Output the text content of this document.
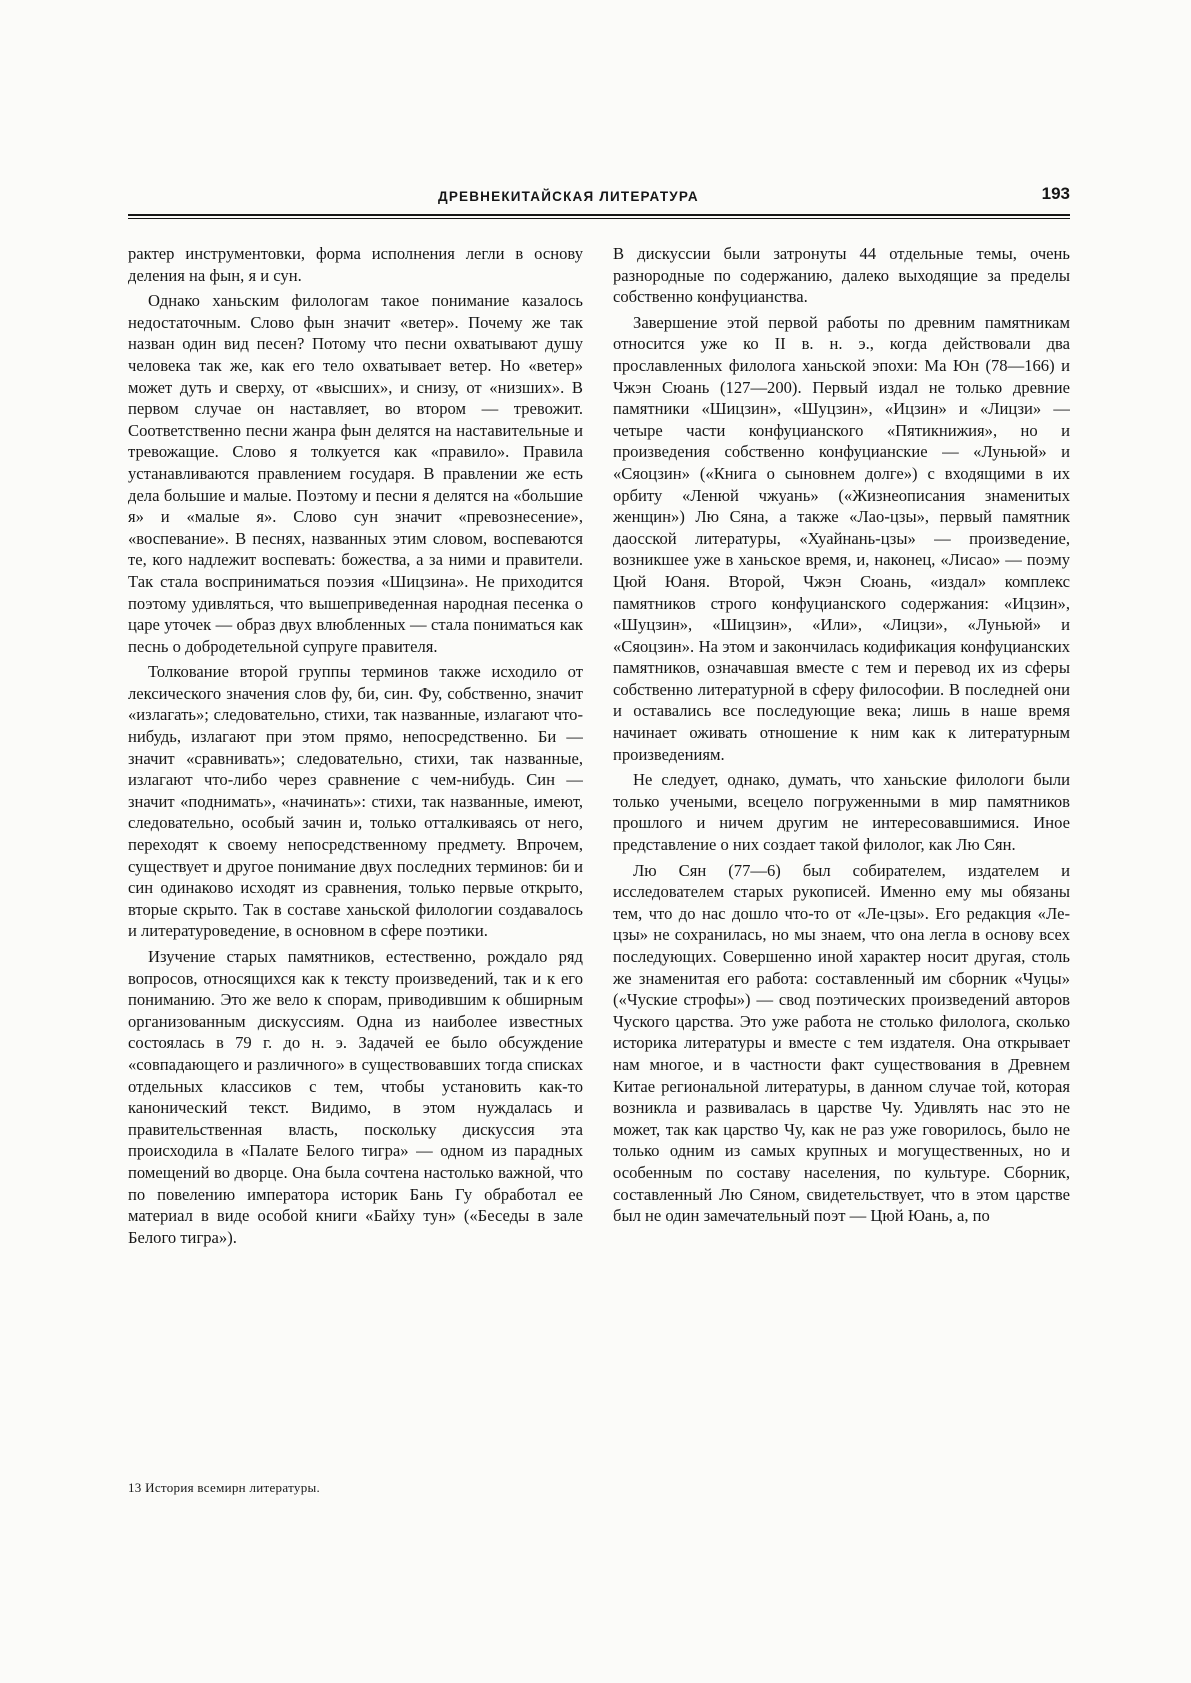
ДРЕВНЕКИТАЙСКАЯ ЛИТЕРАТУРА	193

рактер инструментовки, форма исполнения легли в основу деления на фын, я и сун.

Однако ханьским филологам такое понимание казалось недостаточным. Слово фын значит «ветер». Почему же так назван один вид песен? Потому что песни охватывают душу человека так же, как его тело охватывает ветер. Но «ветер» может дуть и сверху, от «высших», и снизу, от «низших». В первом случае он наставляет, во втором — тревожит. Соответственно песни жанра фын делятся на наставительные и тревожащие. Слово я толкуется как «правило». Правила устанавливаются правлением государя. В правлении же есть дела большие и малые. Поэтому и песни я делятся на «большие я» и «малые я». Слово сун значит «превознесение», «воспевание». В песнях, названных этим словом, воспеваются те, кого надлежит воспевать: божества, а за ними и правители. Так стала восприниматься поэзия «Шицзина». Не приходится поэтому удивляться, что вышеприведенная народная песенка о царе уточек — образ двух влюбленных — стала пониматься как песнь о добродетельной супруге правителя.

Толкование второй группы терминов также исходило от лексического значения слов фу, би, син. Фу, собственно, значит «излагать»; следовательно, стихи, так названные, излагают что-нибудь, излагают при этом прямо, непосредственно. Би — значит «сравнивать»; следовательно, стихи, так названные, излагают что-либо через сравнение с чем-нибудь. Син — значит «поднимать», «начинать»: стихи, так названные, имеют, следовательно, особый зачин и, только отталкиваясь от него, переходят к своему непосредственному предмету. Впрочем, существует и другое понимание двух последних терминов: би и син одинаково исходят из сравнения, только первые открыто, вторые скрыто. Так в составе ханьской филологии создавалось и литературоведение, в основном в сфере поэтики.

Изучение старых памятников, естественно, рождало ряд вопросов, относящихся как к тексту произведений, так и к его пониманию. Это же вело к спорам, приводившим к обширным организованным дискуссиям. Одна из наиболее известных состоялась в 79 г. до н. э. Задачей ее было обсуждение «совпадающего и различного» в существовавших тогда списках отдельных классиков с тем, чтобы установить как-то канонический текст. Видимо, в этом нуждалась и правительственная власть, поскольку дискуссия эта происходила в «Палате Белого тигра» — одном из парадных помещений во дворце. Она была сочтена настолько важной, что по повелению императора историк Бань Гу обработал ее материал в виде особой книги «Байху тун» («Беседы в зале Белого тигра»).

В дискуссии были затронуты 44 отдельные темы, очень разнородные по содержанию, далеко выходящие за пределы собственно конфуцианства.

Завершение этой первой работы по древним памятникам относится уже ко II в. н. э., когда действовали два прославленных филолога ханьской эпохи: Ма Юн (78—166) и Чжэн Сюань (127—200). Первый издал не только древние памятники «Шицзин», «Шуцзин», «Ицзин» и «Лицзи» — четыре части конфуцианского «Пятикнижия», но и произведения собственно конфуцианские — «Луньюй» и «Сяоцзин» («Книга о сыновнем долге») с входящими в их орбиту «Ленюй чжуань» («Жизнеописания знаменитых женщин») Лю Сяна, а также «Лао-цзы», первый памятник даосской литературы, «Хуайнань-цзы» — произведение, возникшее уже в ханьское время, и, наконец, «Лисао» — поэму Цюй Юаня. Второй, Чжэн Сюань, «издал» комплекс памятников строго конфуцианского содержания: «Ицзин», «Шуцзин», «Шицзин», «Или», «Лицзи», «Луньюй» и «Сяоцзин». На этом и закончилась кодификация конфуцианских памятников, означавшая вместе с тем и перевод их из сферы собственно литературной в сферу философии. В последней они и оставались все последующие века; лишь в наше время начинает оживать отношение к ним как к литературным произведениям.

Не следует, однако, думать, что ханьские филологи были только учеными, всецело погруженными в мир памятников прошлого и ничем другим не интересовавшимися. Иное представление о них создает такой филолог, как Лю Сян.

Лю Сян (77—6) был собирателем, издателем и исследователем старых рукописей. Именно ему мы обязаны тем, что до нас дошло что-то от «Ле-цзы». Его редакция «Ле-цзы» не сохранилась, но мы знаем, что она легла в основу всех последующих. Совершенно иной характер носит другая, столь же знаменитая его работа: составленный им сборник «Чуцы» («Чуские строфы») — свод поэтических произведений авторов Чуского царства. Это уже работа не столько филолога, сколько историка литературы и вместе с тем издателя. Она открывает нам многое, и в частности факт существования в Древнем Китае региональной литературы, в данном случае той, которая возникла и развивалась в царстве Чу. Удивлять нас это не может, так как царство Чу, как не раз уже говорилось, было не только одним из самых крупных и могущественных, но и особенным по составу населения, по культуре. Сборник, составленный Лю Сяном, свидетельствует, что в этом царстве был не один замечательный поэт — Цюй Юань, а, по

13 История всемирн литературы.
